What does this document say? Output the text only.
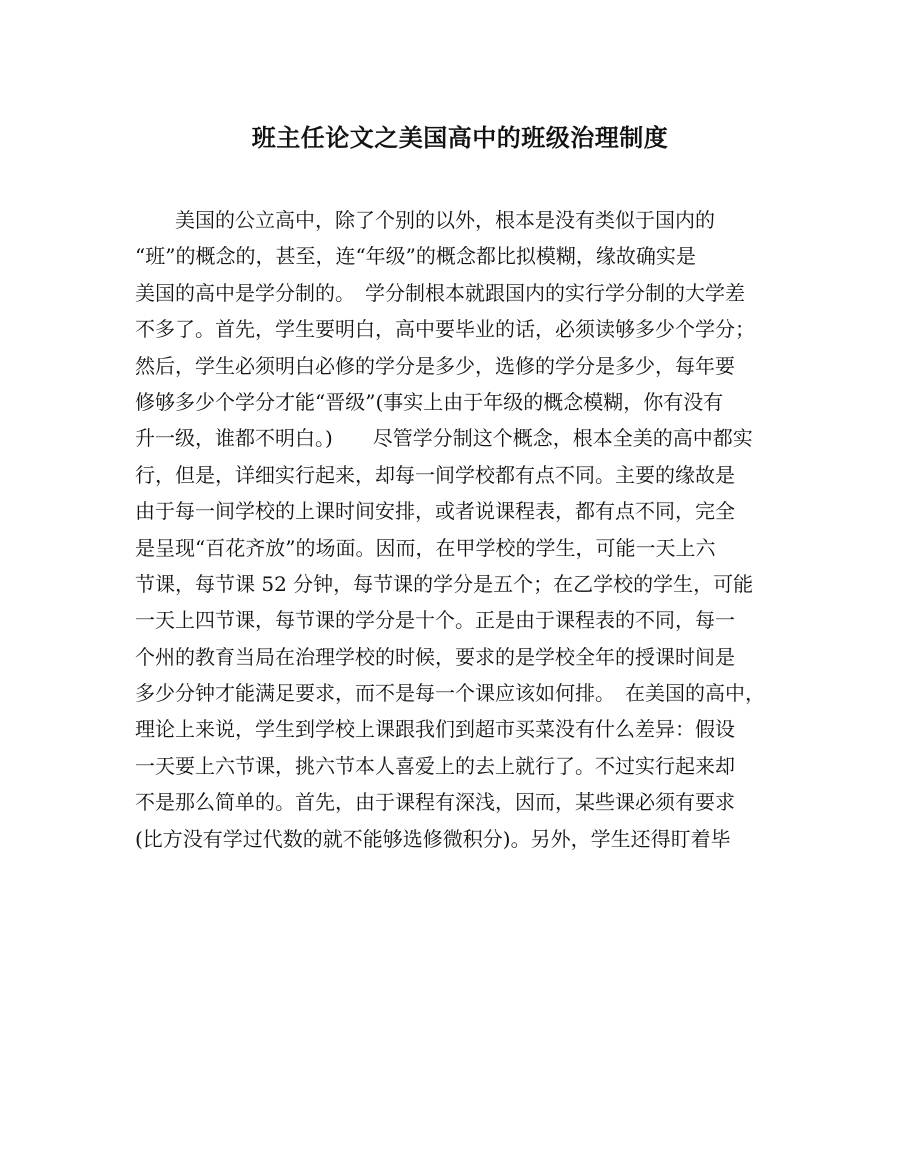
班主任论文之美国高中的班级治理制度
　　美国的公立高中，除了个别的以外，根本是没有类似于国内的
“班”的概念的，甚至，连“年级”的概念都比拟模糊，缘故确实是
美国的高中是学分制的。　学分制根本就跟国内的实行学分制的大学差
不多了。首先，学生要明白，高中要毕业的话，必须读够多少个学分；
然后，学生必须明白必修的学分是多少，选修的学分是多少，每年要
修够多少个学分才能“晋级”(事实上由于年级的概念模糊，你有没有
升一级，谁都不明白。)　　尽管学分制这个概念，根本全美的高中都实
行，但是，详细实行起来，却每一间学校都有点不同。主要的缘故是
由于每一间学校的上课时间安排，或者说课程表，都有点不同，完全
是呈现“百花齐放”的场面。因而，在甲学校的学生，可能一天上六
节课，每节课 52 分钟，每节课的学分是五个；在乙学校的学生，可能
一天上四节课，每节课的学分是十个。正是由于课程表的不同，每一
个州的教育当局在治理学校的时候，要求的是学校全年的授课时间是
多少分钟才能满足要求，而不是每一个课应该如何排。　在美国的高中，
理论上来说，学生到学校上课跟我们到超市买菜没有什么差异：假设
一天要上六节课，挑六节本人喜爱上的去上就行了。不过实行起来却
不是那么简单的。首先，由于课程有深浅，因而，某些课必须有要求
(比方没有学过代数的就不能够选修微积分)。另外，学生还得盯着毕
